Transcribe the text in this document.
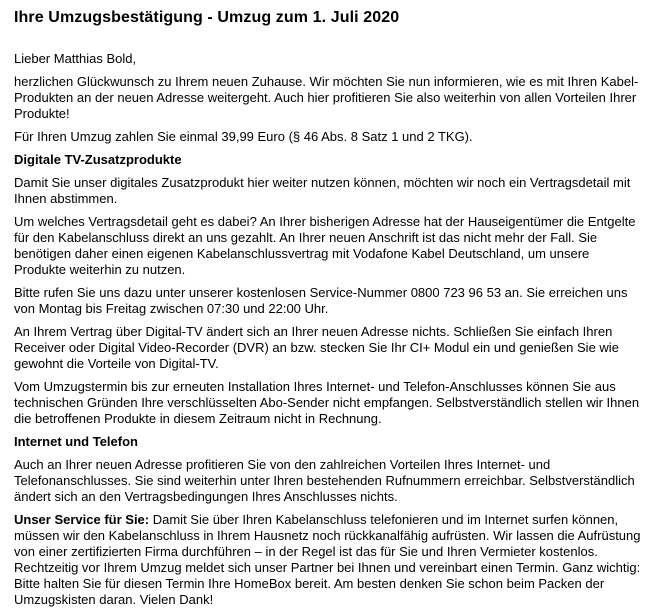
Ihre Umzugsbestätigung - Umzug zum 1. Juli 2020

Lieber Matthias Bold,

herzlichen Glückwunsch zu Ihrem neuen Zuhause. Wir möchten Sie nun informieren, wie es mit Ihren Kabel-Produkten an der neuen Adresse weitergeht. Auch hier profitieren Sie also weiterhin von allen Vorteilen Ihrer Produkte!

Für Ihren Umzug zahlen Sie einmal 39,99 Euro (§ 46 Abs. 8 Satz 1 und 2 TKG).

Digitale TV-Zusatzprodukte

Damit Sie unser digitales Zusatzprodukt hier weiter nutzen können, möchten wir noch ein Vertragsdetail mit Ihnen abstimmen.

Um welches Vertragsdetail geht es dabei? An Ihrer bisherigen Adresse hat der Hauseigentümer die Entgelte für den Kabelanschluss direkt an uns gezahlt. An Ihrer neuen Anschrift ist das nicht mehr der Fall. Sie benötigen daher einen eigenen Kabelanschlussvertrag mit Vodafone Kabel Deutschland, um unsere Produkte weiterhin zu nutzen.

Bitte rufen Sie uns dazu unter unserer kostenlosen Service-Nummer 0800 723 96 53 an. Sie erreichen uns von Montag bis Freitag zwischen 07:30 und 22:00 Uhr.

An Ihrem Vertrag über Digital-TV ändert sich an Ihrer neuen Adresse nichts. Schließen Sie einfach Ihren Receiver oder Digital Video-Recorder (DVR) an bzw. stecken Sie Ihr CI+ Modul ein und genießen Sie wie gewohnt die Vorteile von Digital-TV.

Vom Umzugstermin bis zur erneuten Installation Ihres Internet- und Telefon-Anschlusses können Sie aus technischen Gründen Ihre verschlüsselten Abo-Sender nicht empfangen. Selbstverständlich stellen wir Ihnen die betroffenen Produkte in diesem Zeitraum nicht in Rechnung.

Internet und Telefon

Auch an Ihrer neuen Adresse profitieren Sie von den zahlreichen Vorteilen Ihres Internet- und Telefonanschlusses. Sie sind weiterhin unter Ihren bestehenden Rufnummern erreichbar. Selbstverständlich ändert sich an den Vertragsbedingungen Ihres Anschlusses nichts.

Unser Service für Sie: Damit Sie über Ihren Kabelanschluss telefonieren und im Internet surfen können, müssen wir den Kabelanschluss in Ihrem Hausnetz noch rückkanalfähig aufrüsten. Wir lassen die Aufrüstung von einer zertifizierten Firma durchführen – in der Regel ist das für Sie und Ihren Vermieter kostenlos. Rechtzeitig vor Ihrem Umzug meldet sich unser Partner bei Ihnen und vereinbart einen Termin. Ganz wichtig: Bitte halten Sie für diesen Termin Ihre HomeBox bereit. Am besten denken Sie schon beim Packen der Umzugskisten daran. Vielen Dank!
